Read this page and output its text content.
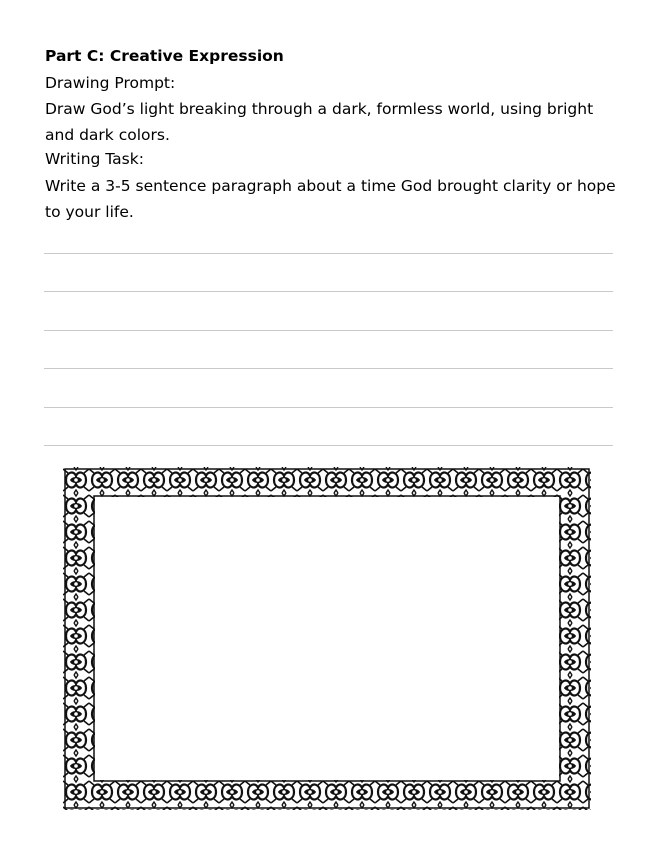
Part C: Creative Expression
Drawing Prompt:
Draw God’s light breaking through a dark, formless world, using bright and dark colors.
Writing Task:
Write a 3-5 sentence paragraph about a time God brought clarity or hope to your life.
